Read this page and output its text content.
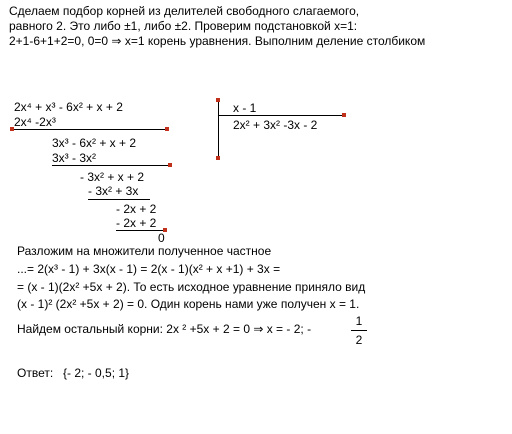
Сделаем подбор корней из делителей свободного слагаемого,
равного 2. Это либо ±1, либо ±2. Проверим подстановкой x=1:
2+1-6+1+2=0, 0=0 ⇒ x=1 корень уравнения. Выполним деление столбиком
2x⁴ + x³ - 6x² + x + 2
2x⁴ -2x³
3x³ - 6x² + x + 2
3x³ - 3x²
- 3x² + x + 2
- 3x² + 3x
- 2x + 2
- 2x + 2
0
x - 1
2x² + 3x² -3x - 2
Разложим на множители полученное частное
...= 2(x³ - 1) + 3x(x - 1) = 2(x - 1)(x² + x +1) + 3x =
= (x - 1)(2x² +5x + 2). То есть исходное уравнение приняло вид
(x - 1)² (2x² +5x + 2) = 0. Один корень нами уже получен x = 1.
Найдем остальный корни: 2x ² +5x + 2 = 0 ⇒ x = - 2; -
1
2
Ответ: {- 2; - 0,5; 1}
